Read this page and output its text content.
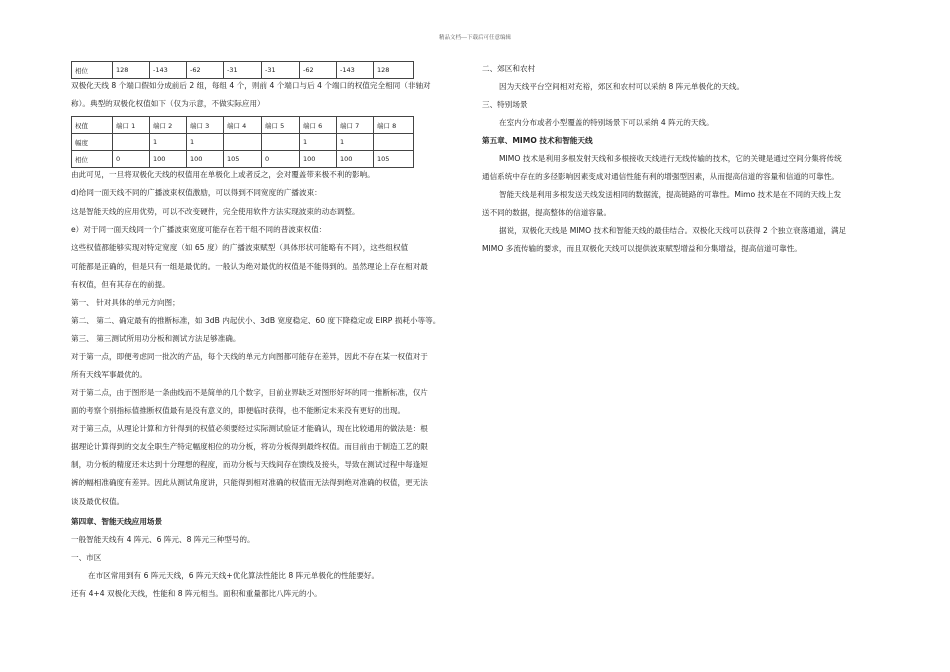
精品文档---下载后可任意编辑
相位	128	-143	-62	-31	-31	-62	-143	128
双极化天线 8 个端口假如分成前后 2 组，每组 4 个，则前 4 个端口与后 4 个端口的权值完全相同（非轴对
称）。典型的双极化权值如下（仅为示意，不做实际应用）
权值	端口 1	端口 2	端口 3	端口 4	端口 5	端口 6	端口 7	端口 8
幅度		1	1			1	1	
相位	0	100	100	105	0	100	100	105
由此可见，一旦将双极化天线的权值用在单极化上或者反之，会对覆盖带来极不利的影响。
d)给同一面天线不同的广播波束权值激励，可以得到不同宽度的广播波束：
这是智能天线的应用优势，可以不改变硬件，完全使用软件方法实现波束的动态调整。
e）对于同一面天线同一个广播波束宽度可能存在若干组不同的普波束权值：
这些权值都能够实现对特定宽度（如 65 度）的广播波束赋型（具体形状可能略有不同），这些组权值
可能都是正确的，但是只有一组是最优的。一般认为绝对最优的权值是不能得到的。虽然理论上存在相对最
有权值，但有其存在的前提。
第一、 针对具体的单元方向图；
第二、 第二、确定最有的推断标准，如 3dB 内起伏小、3dB 宽度稳定、60 度下降稳定或 EIRP 损耗小等等。
第三、 第三测试所用功分板和测试方法足够准确。
对于第一点，即便考虑同一批次的产品，每个天线的单元方向图都可能存在差异，因此不存在某一权值对于
所有天线军事最优的。
对于第二点，由于图形是一条曲线而不是简单的几个数字，目前业界缺乏对图形好坏的同一推断标准，仅片
面的考察个别指标值推断权值最有是没有意义的，即便临时获得，也不能断定未来没有更好的出现。
对于第三点，从理论计算和方针得到的权值必须要经过实际测试验证才能确认，现在比较通用的做法是：根
据理论计算得到的交友全职生产特定幅度相位的功分板，将功分板得到最终权值。而目前由于制造工艺的限
制，功分板的精度还未达到十分理想的程度，而功分板与天线间存在馈线及接头，导致在测试过程中每逢短
裤的幅相准确度有差异。因此从测试角度讲，只能得到相对准确的权值而无法得到绝对准确的权值，更无法
谈及最优权值。
第四章、智能天线应用场景
一般智能天线有 4 阵元、6 阵元、8 阵元三种型号的。
一、市区
在市区常用到有 6 阵元天线，6 阵元天线+优化算法性能比 8 阵元单极化的性能要好。
还有 4+4 双极化天线，性能和 8 阵元相当。面积和重量都比八阵元的小。
二、郊区和农村
因为天线平台空间相对充裕，郊区和农村可以采纳 8 阵元单极化的天线。
三、特别场景
在室内分布或者小型覆盖的特别场景下可以采纳 4 阵元的天线。
第五章、MIMO 技术和智能天线
MIMO 技术是利用多根发射天线和多根接收天线进行无线传输的技术，它的关键是通过空间分集将传统
通信系统中存在的多径影响因素变成对通信性能有利的增强型因素，从而提高信道的容量和信道的可靠性。
智能天线是利用多根发送天线发送相同的数据流，提高链路的可靠性。Mimo 技术是在不同的天线上发
送不同的数据，提高整体的信道容量。
据说，双极化天线是 MIMO 技术和智能天线的最佳结合。双极化天线可以获得 2 个独立衰落通道，满足
MIMO 多流传输的要求，而且双极化天线可以提供波束赋型增益和分集增益，提高信道可靠性。
